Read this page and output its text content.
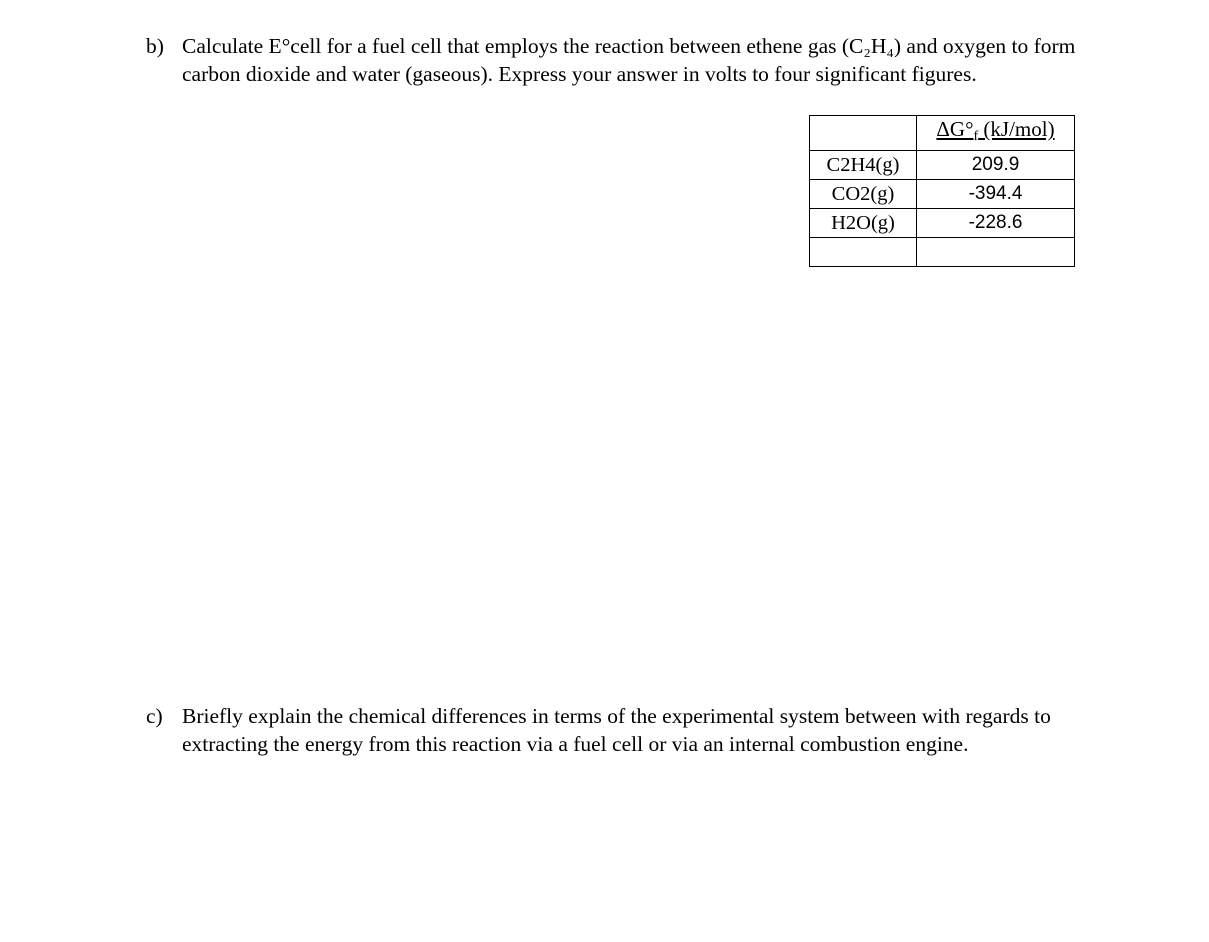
b) Calculate E°cell for a fuel cell that employs the reaction between ethene gas (C₂H₄) and oxygen to form carbon dioxide and water (gaseous). Express your answer in volts to four significant figures.
	$\Delta G^\circ_f$ (kJ/mol)
C2H4(g)	209.9
CO2(g)	-394.4
H2O(g)	-228.6

c) Briefly explain the chemical differences in terms of the experimental system between with regards to extracting the energy from this reaction via a fuel cell or via an internal combustion engine.
